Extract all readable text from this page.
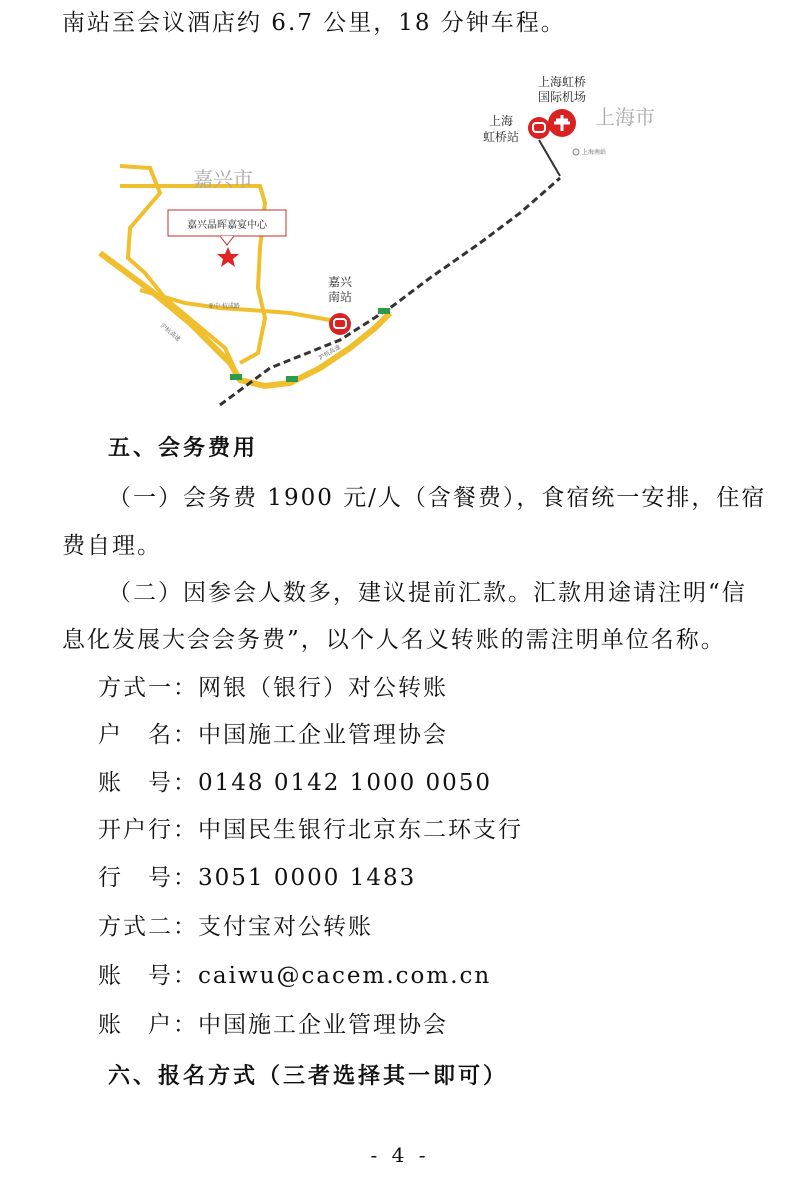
南站至会议酒店约 6.7 公里，18 分钟车程。
亚中·杭成路
沪杭高速
沪杭高速
嘉兴市
上海市
嘉兴晶晖嘉宴中心
嘉兴
南站
上海
虹桥站
上海虹桥
国际机场
上海南站
五、会务费用
（一）会务费 1900 元/人（含餐费），食宿统一安排，住宿
费自理。
（二）因参会人数多，建议提前汇款。汇款用途请注明“信
息化发展大会会务费”，以个人名义转账的需注明单位名称。
方式一：网银（银行）对公转账
户　名：中国施工企业管理协会
账　号：0148 0142 1000 0050
开户行：中国民生银行北京东二环支行
行　号：3051 0000 1483
方式二：支付宝对公转账
账　号：caiwu@cacem.com.cn
账　户：中国施工企业管理协会
六、报名方式（三者选择其一即可）
- 4 -
